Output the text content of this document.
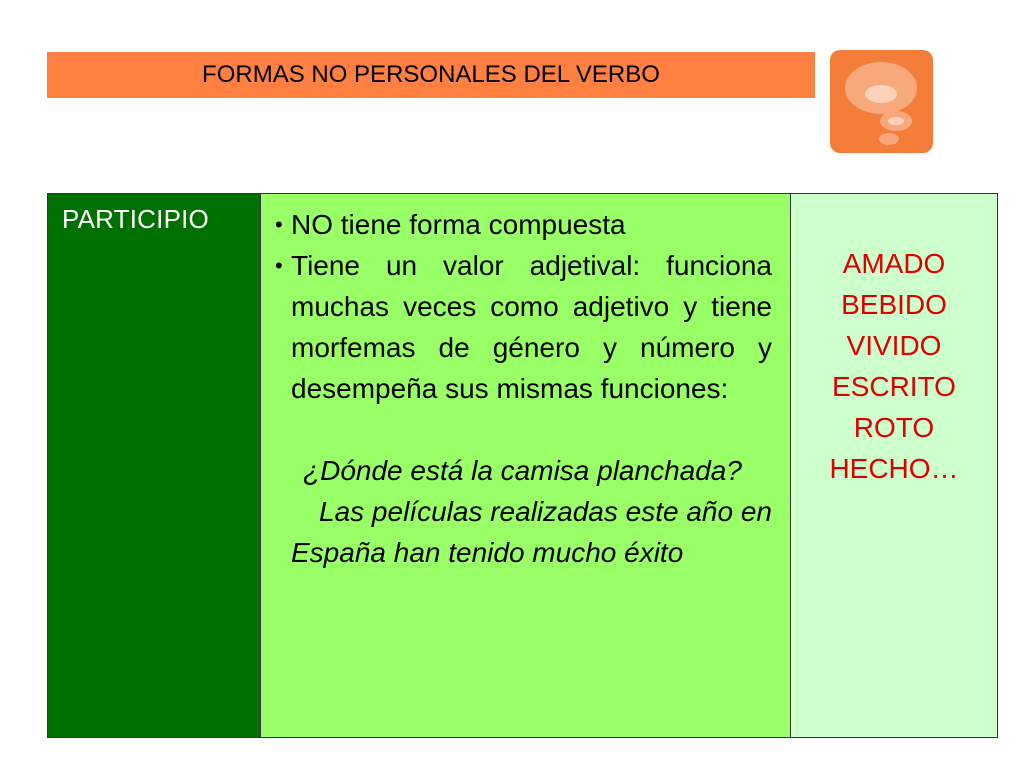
FORMAS NO PERSONALES DEL VERBO
PARTICIPIO	• NO tiene forma compuesta
• Tiene un valor adjetival: funciona muchas veces como adjetivo y tiene morfemas de género y número y desempeña sus mismas funciones:
¿Dónde está la camisa planchada?
Las películas realizadas este año en España han tenido mucho éxito
AMADO
BEBIDO
VIVIDO
ESCRITO
ROTO
HECHO…
